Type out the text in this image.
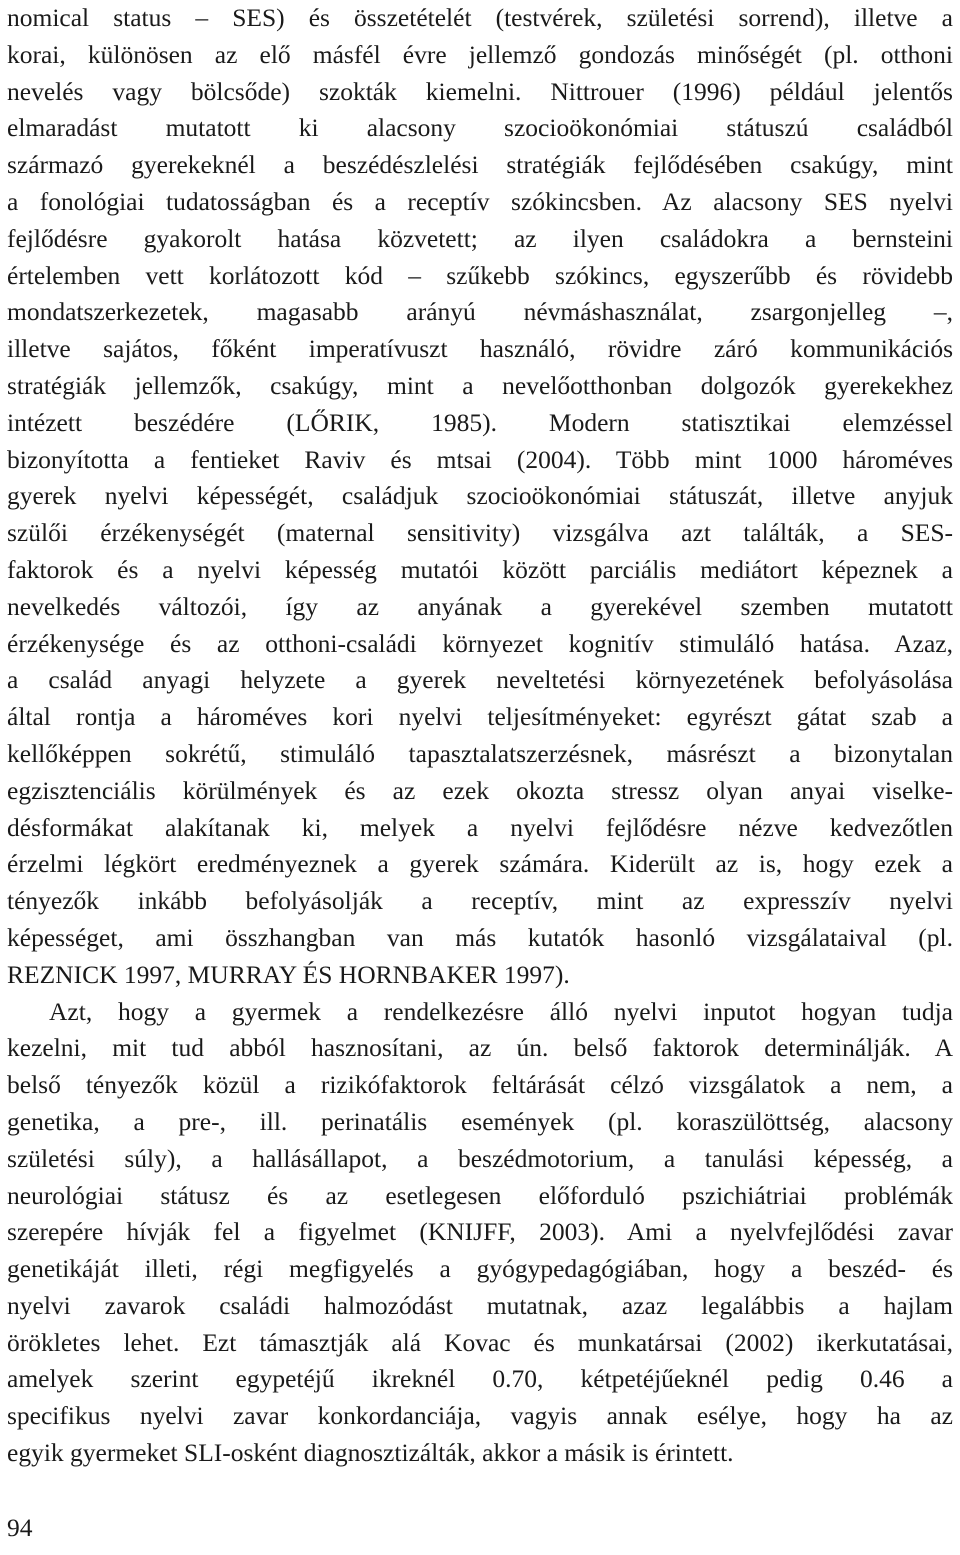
nomical status – SES) és összetételét (testvérek, születési sorrend), illetve a
korai, különösen az elő másfél évre jellemző gondozás minőségét (pl. otthoni
nevelés vagy bölcsőde) szokták kiemelni. Nittrouer (1996) például jelentős
elmaradást mutatott ki alacsony szocioökonómiai státuszú családból
származó gyerekeknél a beszédészlelési stratégiák fejlődésében csakúgy, mint
a fonológiai tudatosságban és a receptív szókincsben. Az alacsony SES nyelvi
fejlődésre gyakorolt hatása közvetett; az ilyen családokra a bernsteini
értelemben vett korlátozott kód – szűkebb szókincs, egyszerűbb és rövidebb
mondatszerkezetek, magasabb arányú névmáshasználat, zsargonjelleg –,
illetve sajátos, főként imperatívuszt használó, rövidre záró kommunikációs
stratégiák jellemzők, csakúgy, mint a nevelőotthonban dolgozók gyerekekhez
intézett beszédére (LŐRIK, 1985). Modern statisztikai elemzéssel
bizonyította a fentieket Raviv és mtsai (2004). Több mint 1000 hároméves
gyerek nyelvi képességét, családjuk szocioökonómiai státuszát, illetve anyjuk
szülői érzékenységét (maternal sensitivity) vizsgálva azt találták, a SES-
faktorok és a nyelvi képesség mutatói között parciális mediátort képeznek a
nevelkedés változói, így az anyának a gyerekével szemben mutatott
érzékenysége és az otthoni-családi környezet kognitív stimuláló hatása. Azaz,
a család anyagi helyzete a gyerek neveltetési környezetének befolyásolása
által rontja a hároméves kori nyelvi teljesítményeket: egyrészt gátat szab a
kellőképpen sokrétű, stimuláló tapasztalatszerzésnek, másrészt a bizonytalan
egzisztenciális körülmények és az ezek okozta stressz olyan anyai viselke-
désformákat alakítanak ki, melyek a nyelvi fejlődésre nézve kedvezőtlen
érzelmi légkört eredményeznek a gyerek számára. Kiderült az is, hogy ezek a
tényezők inkább befolyásolják a receptív, mint az expresszív nyelvi
képességet, ami összhangban van más kutatók hasonló vizsgálataival (pl.
REZNICK 1997, MURRAY ÉS HORNBAKER 1997).
Azt, hogy a gyermek a rendelkezésre álló nyelvi inputot hogyan tudja
kezelni, mit tud abból hasznosítani, az ún. belső faktorok determinálják. A
belső tényezők közül a rizikófaktorok feltárását célzó vizsgálatok a nem, a
genetika, a pre-, ill. perinatális események (pl. koraszülöttség, alacsony
születési súly), a hallásállapot, a beszédmotorium, a tanulási képesség, a
neurológiai státusz és az esetlegesen előforduló pszichiátriai problémák
szerepére hívják fel a figyelmet (KNIJFF, 2003). Ami a nyelvfejlődési zavar
genetikáját illeti, régi megfigyelés a gyógypedagógiában, hogy a beszéd- és
nyelvi zavarok családi halmozódást mutatnak, azaz legalábbis a hajlam
örökletes lehet. Ezt támasztják alá Kovac és munkatársai (2002) ikerkutatásai,
amelyek szerint egypetéjű ikreknél 0.70, kétpetéjűeknél pedig 0.46 a
specifikus nyelvi zavar konkordanciája, vagyis annak esélye, hogy ha az
egyik gyermeket SLI-osként diagnosztizálták, akkor a másik is érintett.
94
